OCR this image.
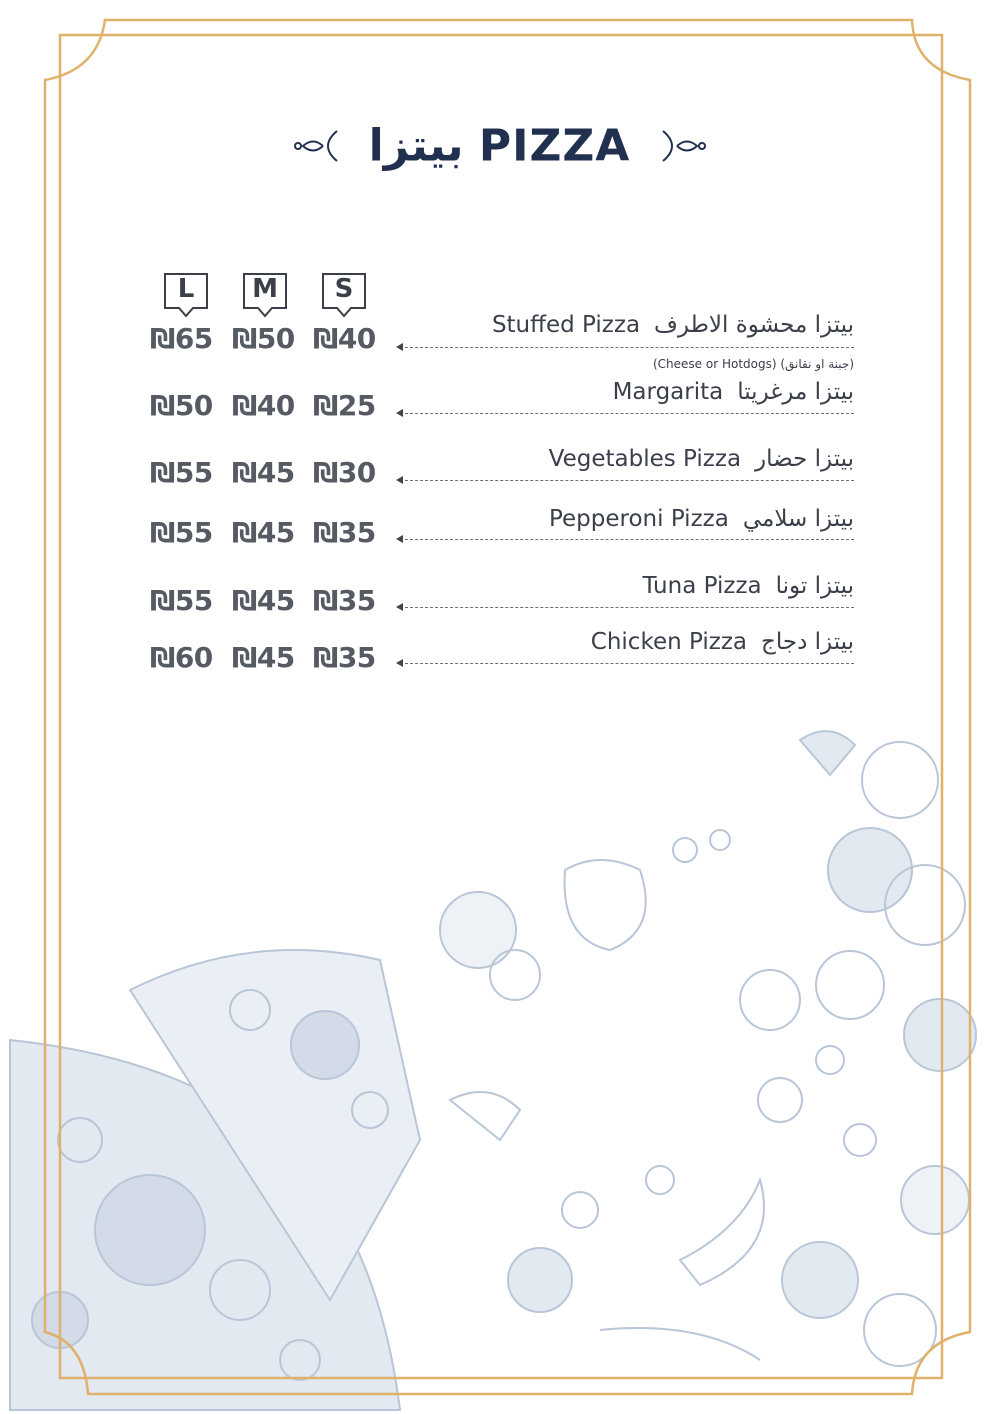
بيتزا PIZZA
L	M	S
₪65 ₪50 ₪40	Stuffed Pizza بيتزا محشوة الاطرف
(Cheese or Hotdogs) (جبنة او نقانق)
₪50 ₪40 ₪25	Margarita بيتزا مرغريتا
₪55 ₪45 ₪30	Vegetables Pizza بيتزا حضار
₪55 ₪45 ₪35	Pepperoni Pizza بيتزا سلامي
₪55 ₪45 ₪35	Tuna Pizza بيتزا تونا
₪60 ₪45 ₪35	Chicken Pizza بيتزا دجاج
